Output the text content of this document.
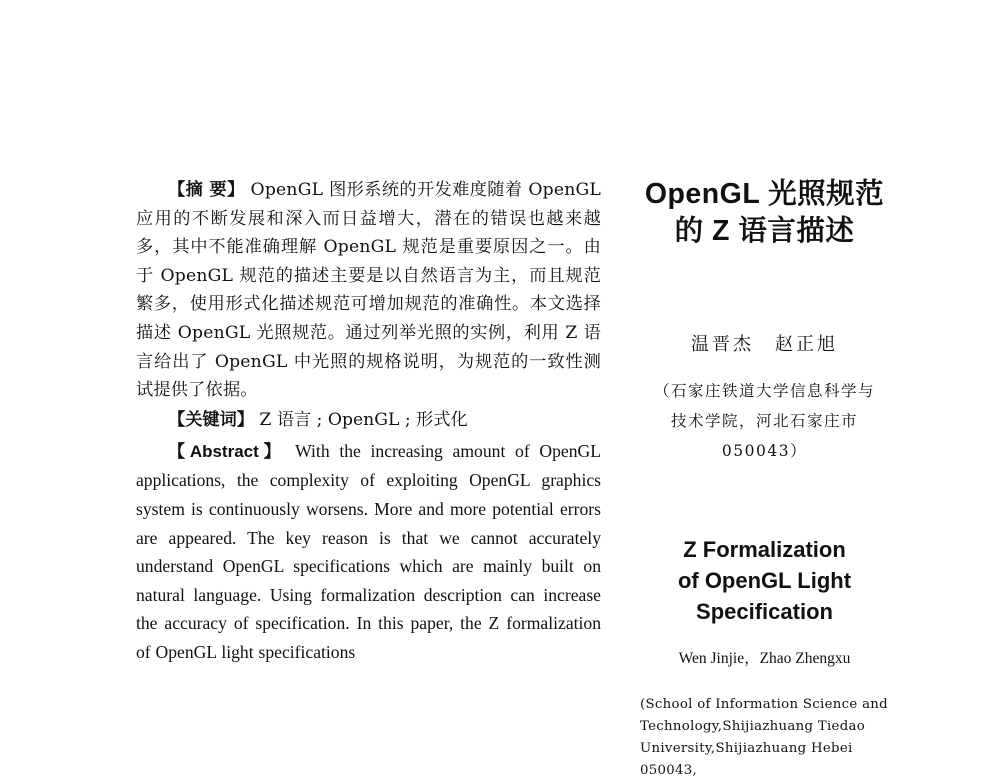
【摘 要】 OpenGL 图形系统的开发难度随着 OpenGL 应用的不断发展和深入而日益增大，潜在的错误也越来越多，其中不能准确理解 OpenGL 规范是重要原因之一。由于 OpenGL 规范的描述主要是以自然语言为主，而且规范繁多，使用形式化描述规范可增加规范的准确性。本文选择描述 OpenGL 光照规范。通过列举光照的实例，利用 Z 语言给出了 OpenGL 中光照的规格说明，为规范的一致性测试提供了依据。

【关键词】 Z 语言 ; OpenGL ; 形式化

【Abstract】 With the increasing amount of OpenGL applications, the complexity of exploiting OpenGL graphics system is continuously worsens. More and more potential errors are appeared. The key reason is that we cannot accurately understand OpenGL specifications which are mainly built on natural language. Using formalization description can increase the accuracy of specification. In this paper, the Z formalization of OpenGL light specifications

OpenGL 光照规范
的 Z 语言描述
温晋杰　赵正旭
（石家庄铁道大学信息科学与
技术学院，河北石家庄市
050043）
Z Formalization
of OpenGL Light
Specification
Wen Jinjie，Zhao Zhengxu
(School of Information Science and
Technology,Shijiazhuang Tiedao
University,Shijiazhuang Hebei 050043,
